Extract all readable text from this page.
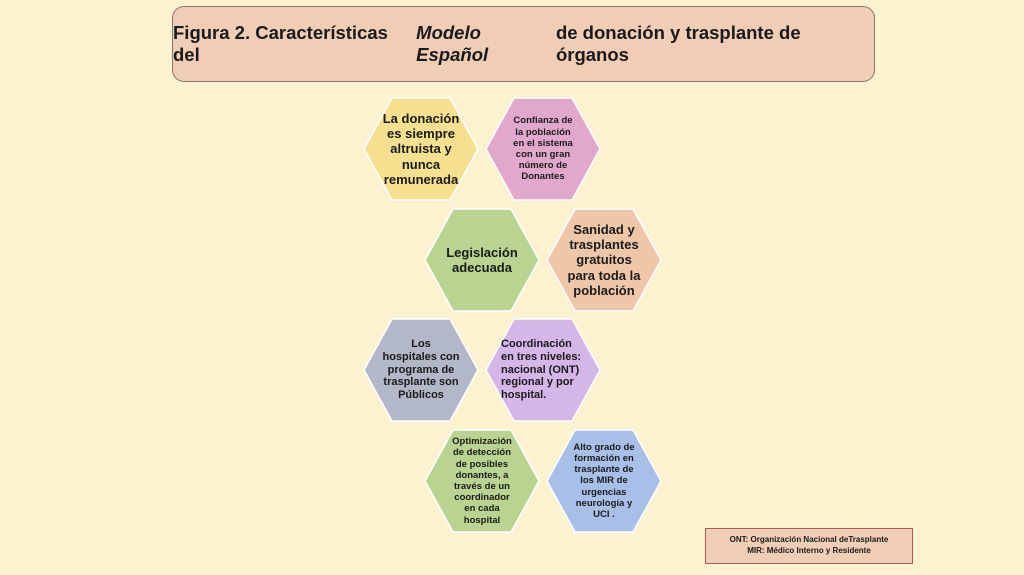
Figura 2. Características del
Modelo Español
de donación y trasplante de órganos
La donación
es siempre
altruista y
nunca
remunerada
Confianza de
la población
en el sistema
con un gran
número de
Donantes
Legislación
adecuada
Sanidad y
trasplantes
gratuitos
para toda la
población
Los
hospitales con
programa de
trasplante son
Públicos
Coordinación
en tres niveles:
nacional (ONT)
regional y por
hospital.
Optimización
de detección
de posibles
donantes, a
través de un
coordinador
en cada
hospital
Alto grado de
formación en
trasplante de
los MIR de
urgencias
neurología y
UCI .
ONT: Organización Nacional deTrasplante
MIR: Médico Interno y Residente
